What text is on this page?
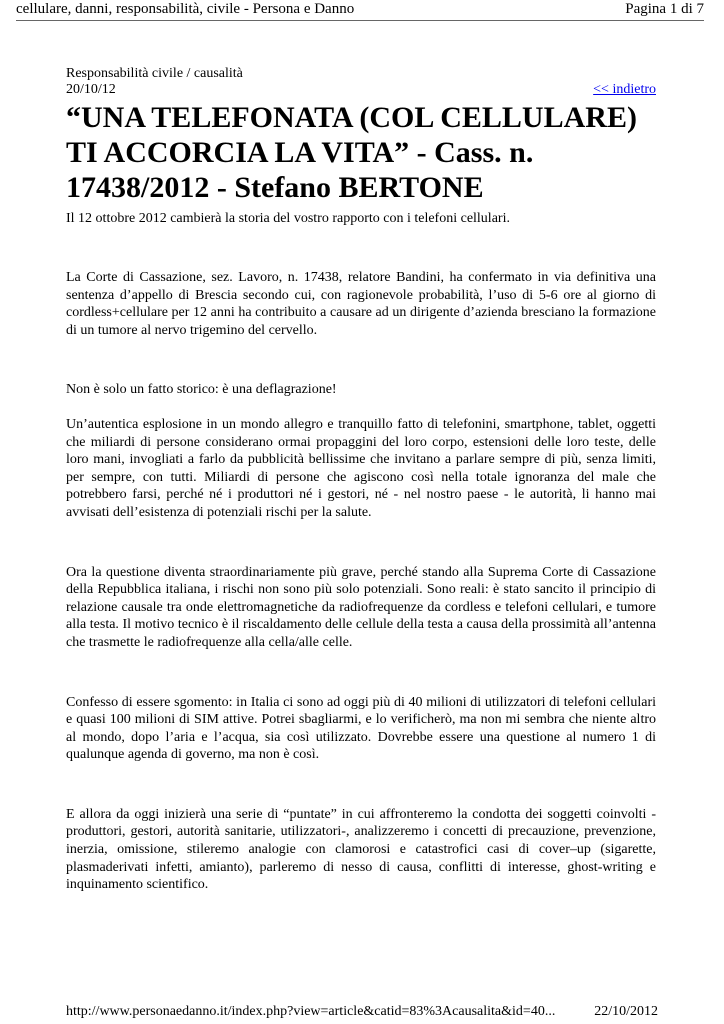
cellulare, danni, responsabilità, civile - Persona e Danno	Pagina 1 di 7
Responsabilità civile / causalità
20/10/12	<< indietro
“UNA TELEFONATA (COL CELLULARE) TI ACCORCIA LA VITA” - Cass. n. 17438/2012 - Stefano BERTONE
Il 12 ottobre 2012 cambierà la storia del vostro rapporto con i telefoni cellulari.

La Corte di Cassazione, sez. Lavoro, n. 17438, relatore Bandini, ha confermato in via definitiva una sentenza d’appello di Brescia secondo cui, con ragionevole probabilità, l’uso di 5-6 ore al giorno di cordless+cellulare per 12 anni ha contribuito a causare ad un dirigente d’azienda bresciano la formazione di un tumore al nervo trigemino del cervello.

Non è solo un fatto storico: è una deflagrazione!

Un’autentica esplosione in un mondo allegro e tranquillo fatto di telefonini, smartphone, tablet, oggetti che miliardi di persone considerano ormai propaggini del loro corpo, estensioni delle loro teste, delle loro mani, invogliati a farlo da pubblicità bellissime che invitano a parlare sempre di più, senza limiti, per sempre, con tutti. Miliardi di persone che agiscono così nella totale ignoranza del male che potrebbero farsi, perché né i produttori né i gestori, né - nel nostro paese - le autorità, li hanno mai avvisati dell’esistenza di potenziali rischi per la salute.

Ora la questione diventa straordinariamente più grave, perché stando alla Suprema Corte di Cassazione della Repubblica italiana, i rischi non sono più solo potenziali. Sono reali: è stato sancito il principio di relazione causale tra onde elettromagnetiche da radiofrequenze da cordless e telefoni cellulari, e tumore alla testa. Il motivo tecnico è il riscaldamento delle cellule della testa a causa della prossimità all’antenna che trasmette le radiofrequenze alla cella/alle celle.

Confesso di essere sgomento: in Italia ci sono ad oggi più di 40 milioni di utilizzatori di telefoni cellulari e quasi 100 milioni di SIM attive. Potrei sbagliarmi, e lo verificherò, ma non mi sembra che niente altro al mondo, dopo l’aria e l’acqua, sia così utilizzato. Dovrebbe essere una questione al numero 1 di qualunque agenda di governo, ma non è così.

E allora da oggi inizierà una serie di “puntate” in cui affronteremo la condotta dei soggetti coinvolti - produttori, gestori, autorità sanitarie, utilizzatori-, analizzeremo i concetti di precauzione, prevenzione, inerzia, omissione, stileremo analogie con clamorosi e catastrofici casi di cover–up (sigarette, plasmaderivati infetti, amianto), parleremo di nesso di causa, conflitti di interesse, ghost-writing e inquinamento scientifico.

http://www.personaedanno.it/index.php?view=article&catid=83%3Acausalita&id=40...	22/10/2012
